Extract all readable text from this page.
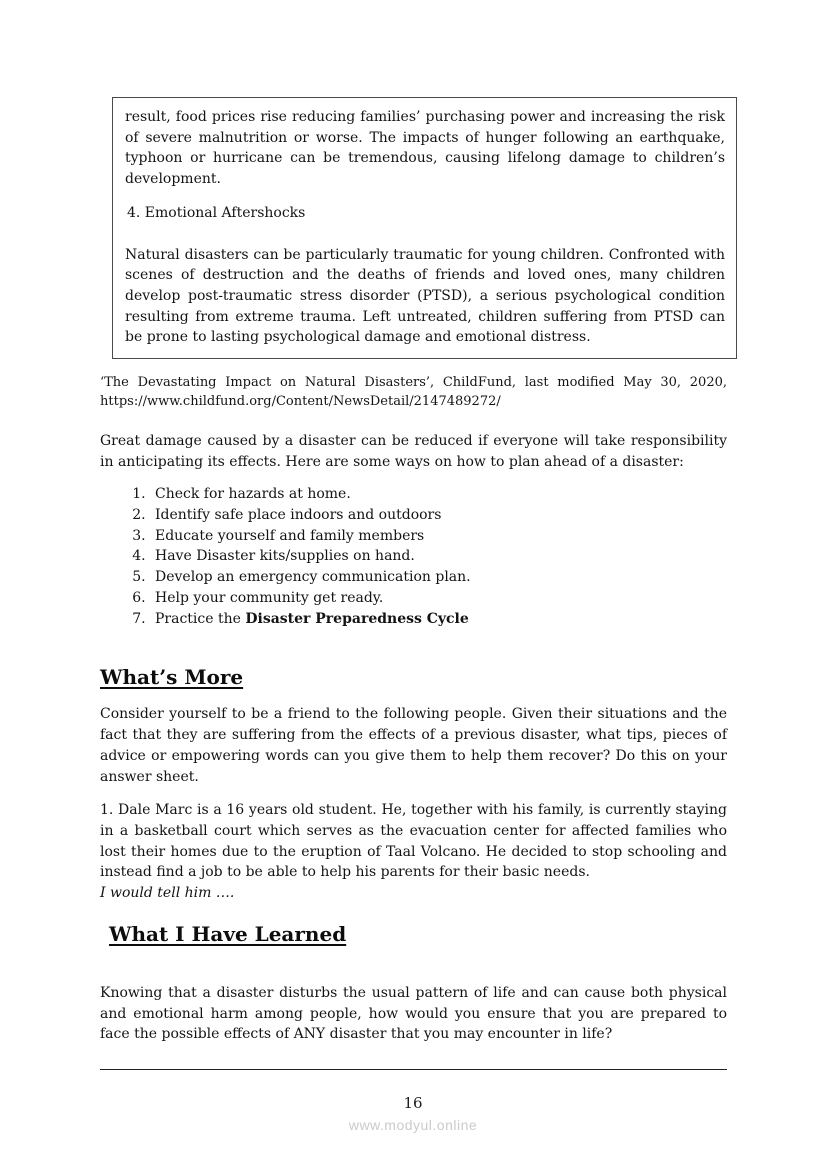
result, food prices rise reducing families’ purchasing power and increasing the risk of severe malnutrition or worse. The impacts of hunger following an earthquake, typhoon or hurricane can be tremendous, causing lifelong damage to children’s development.

4. Emotional Aftershocks

Natural disasters can be particularly traumatic for young children. Confronted with scenes of destruction and the deaths of friends and loved ones, many children develop post-traumatic stress disorder (PTSD), a serious psychological condition resulting from extreme trauma. Left untreated, children suffering from PTSD can be prone to lasting psychological damage and emotional distress.

‘The Devastating Impact on Natural Disasters’, ChildFund, last modified May 30, 2020, https://www.childfund.org/Content/NewsDetail/2147489272/

Great damage caused by a disaster can be reduced if everyone will take responsibility in anticipating its effects. Here are some ways on how to plan ahead of a disaster:

1. Check for hazards at home.
2. Identify safe place indoors and outdoors
3. Educate yourself and family members
4. Have Disaster kits/supplies on hand.
5. Develop an emergency communication plan.
6. Help your community get ready.
7. Practice the Disaster Preparedness Cycle
What’s More

Consider yourself to be a friend to the following people. Given their situations and the fact that they are suffering from the effects of a previous disaster, what tips, pieces of advice or empowering words can you give them to help them recover? Do this on your answer sheet.

1. Dale Marc is a 16 years old student. He, together with his family, is currently staying in a basketball court which serves as the evacuation center for affected families who lost their homes due to the eruption of Taal Volcano. He decided to stop schooling and instead find a job to be able to help his parents for their basic needs.
I would tell him ….

What I Have Learned

Knowing that a disaster disturbs the usual pattern of life and can cause both physical and emotional harm among people, how would you ensure that you are prepared to face the possible effects of ANY disaster that you may encounter in life?

16
www.modyul.online
